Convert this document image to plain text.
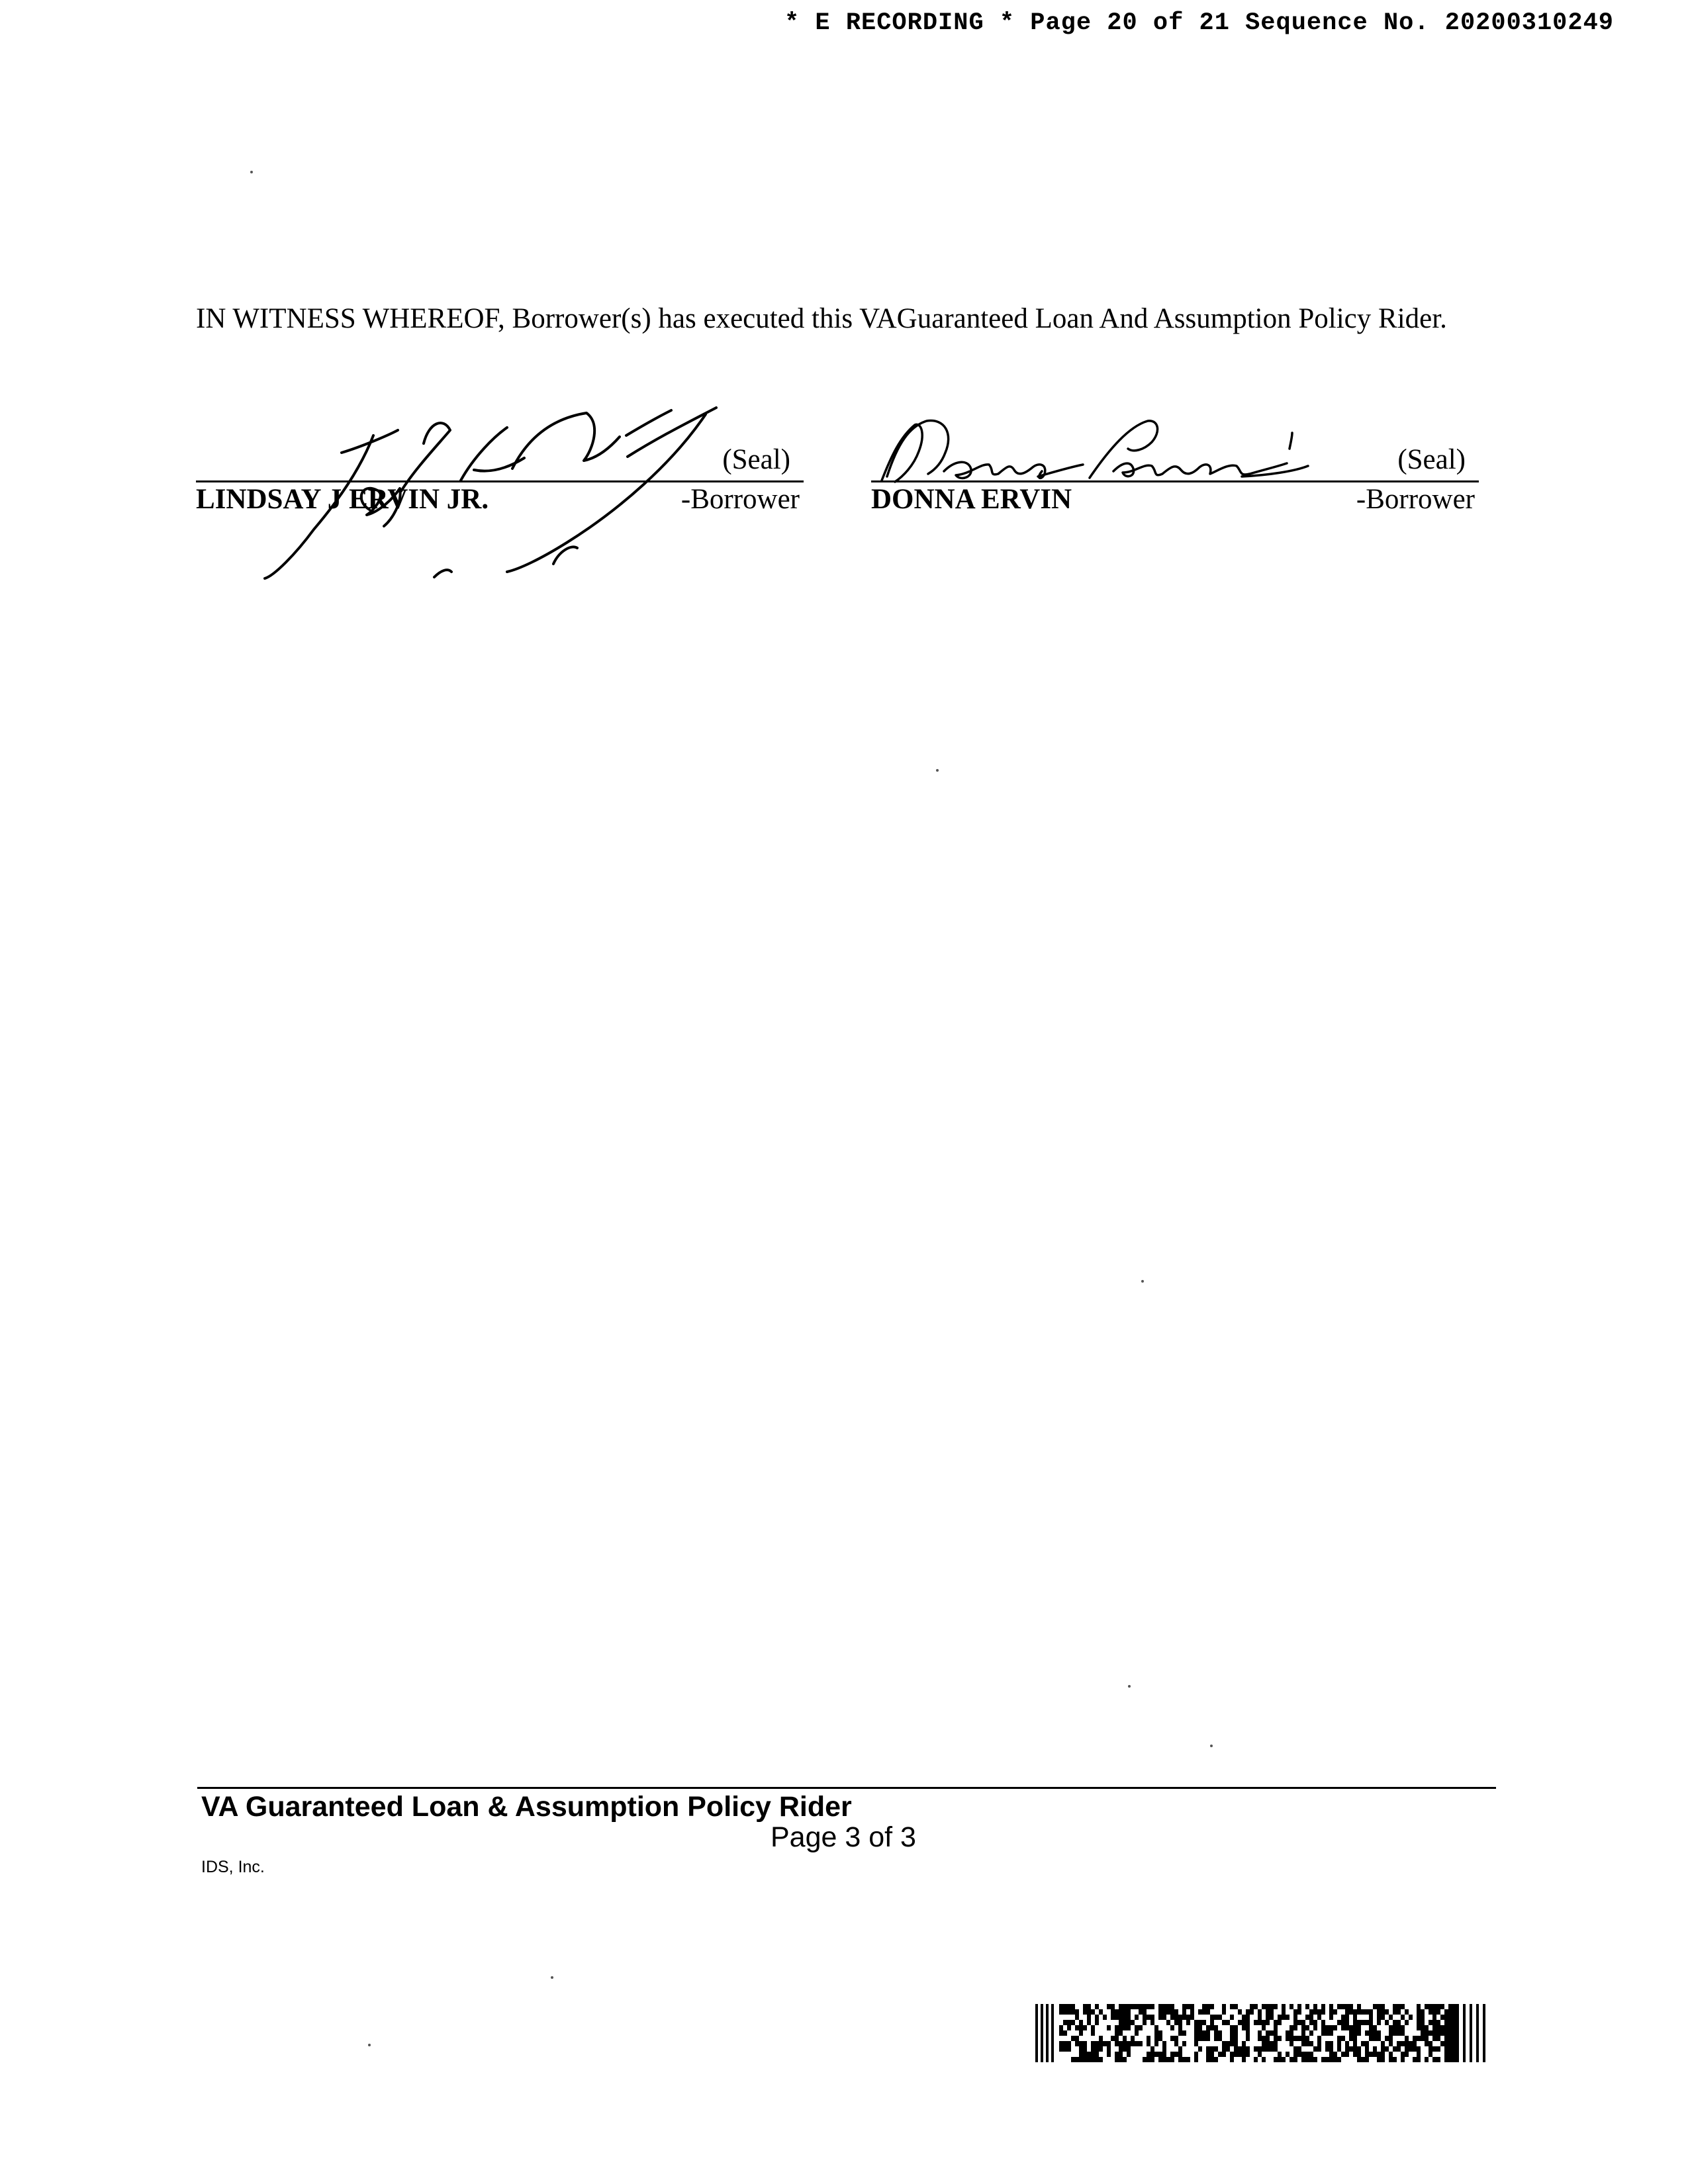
* E RECORDING * Page 20 of 21 Sequence No. 20200310249
IN WITNESS WHEREOF, Borrower(s) has executed this VAGuaranteed Loan And Assumption Policy Rider.
(Seal)
LINDSAY J ERVIN JR.	-Borrower
(Seal)
DONNA ERVIN	-Borrower
VA Guaranteed Loan & Assumption Policy Rider
Page 3 of 3
IDS, Inc.
